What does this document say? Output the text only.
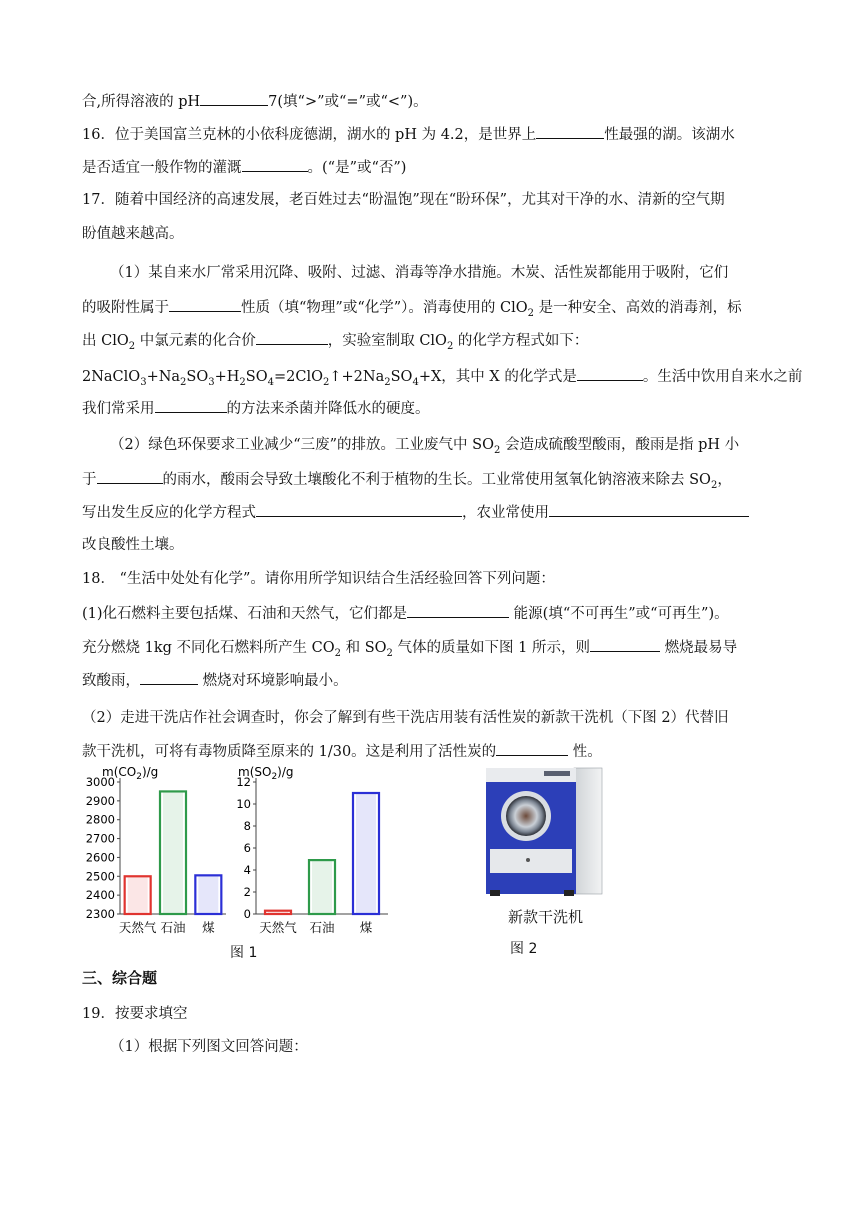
合,所得溶液的 pH	7(填“>”或“=”或“<”)。
16．位于美国富兰克林的小依科庞德湖，湖水的 pH 为 4.2，是世界上	性最强的湖。该湖水
是否适宜一般作物的灌溉	。(“是”或“否”)
17．随着中国经济的高速发展，老百姓过去“盼温饱”现在“盼环保”，尤其对干净的水、清新的空气期
盼值越来越高。
（1）某自来水厂常采用沉降、吸附、过滤、消毒等净水措施。木炭、活性炭都能用于吸附，它们
的吸附性属于	性质（填“物理”或“化学”）。消毒使用的 ClO$_2$ 是一种安全、高效的消毒剂，标
出 ClO$_2$ 中氯元素的化合价	，实验室制取 ClO$_2$ 的化学方程式如下：
$2NaClO_3+Na_2SO_3+H_2SO_4=2ClO_2↑+2Na_2SO_4+X$，其中 X 的化学式是	。生活中饮用自来水之前
我们常采用	的方法来杀菌并降低水的硬度。
（2）绿色环保要求工业减少“三废”的排放。工业废气中 $SO_2$ 会造成硫酸型酸雨，酸雨是指 pH 小
于	的雨水，酸雨会导致土壤酸化不利于植物的生长。工业常使用氢氧化钠溶液来除去 $SO_2$，
写出发生反应的化学方程式	，农业常使用
改良酸性土壤。
18． “生活中处处有化学”。请你用所学知识结合生活经验回答下列问题：
(1)化石燃料主要包括煤、石油和天然气，它们都是	能源(填“不可再生”或“可再生”)。
充分燃烧 1kg 不同化石燃料所产生 $CO_2$ 和 $SO_2$ 气体的质量如下图 1 所示，则	燃烧最易导
致酸雨，	燃烧对环境影响最小。
（2）走进干洗店作社会调查时，你会了解到有些干洗店用装有活性炭的新款干洗机（下图 2）代替旧
款干洗机，可将有毒物质降至原来的 1/30。这是利用了活性炭的	性。
$m(CO_2)/g$
2300
2400
2500
2600
2700
2800
2900
3000
天然气 石油 煤
$m(SO_2)/g$
0
2
4
6
8
10
12
天然气 石油 煤
图 1
新款干洗机
图 2
三、综合题
19．按要求填空
（1）根据下列图文回答问题：
